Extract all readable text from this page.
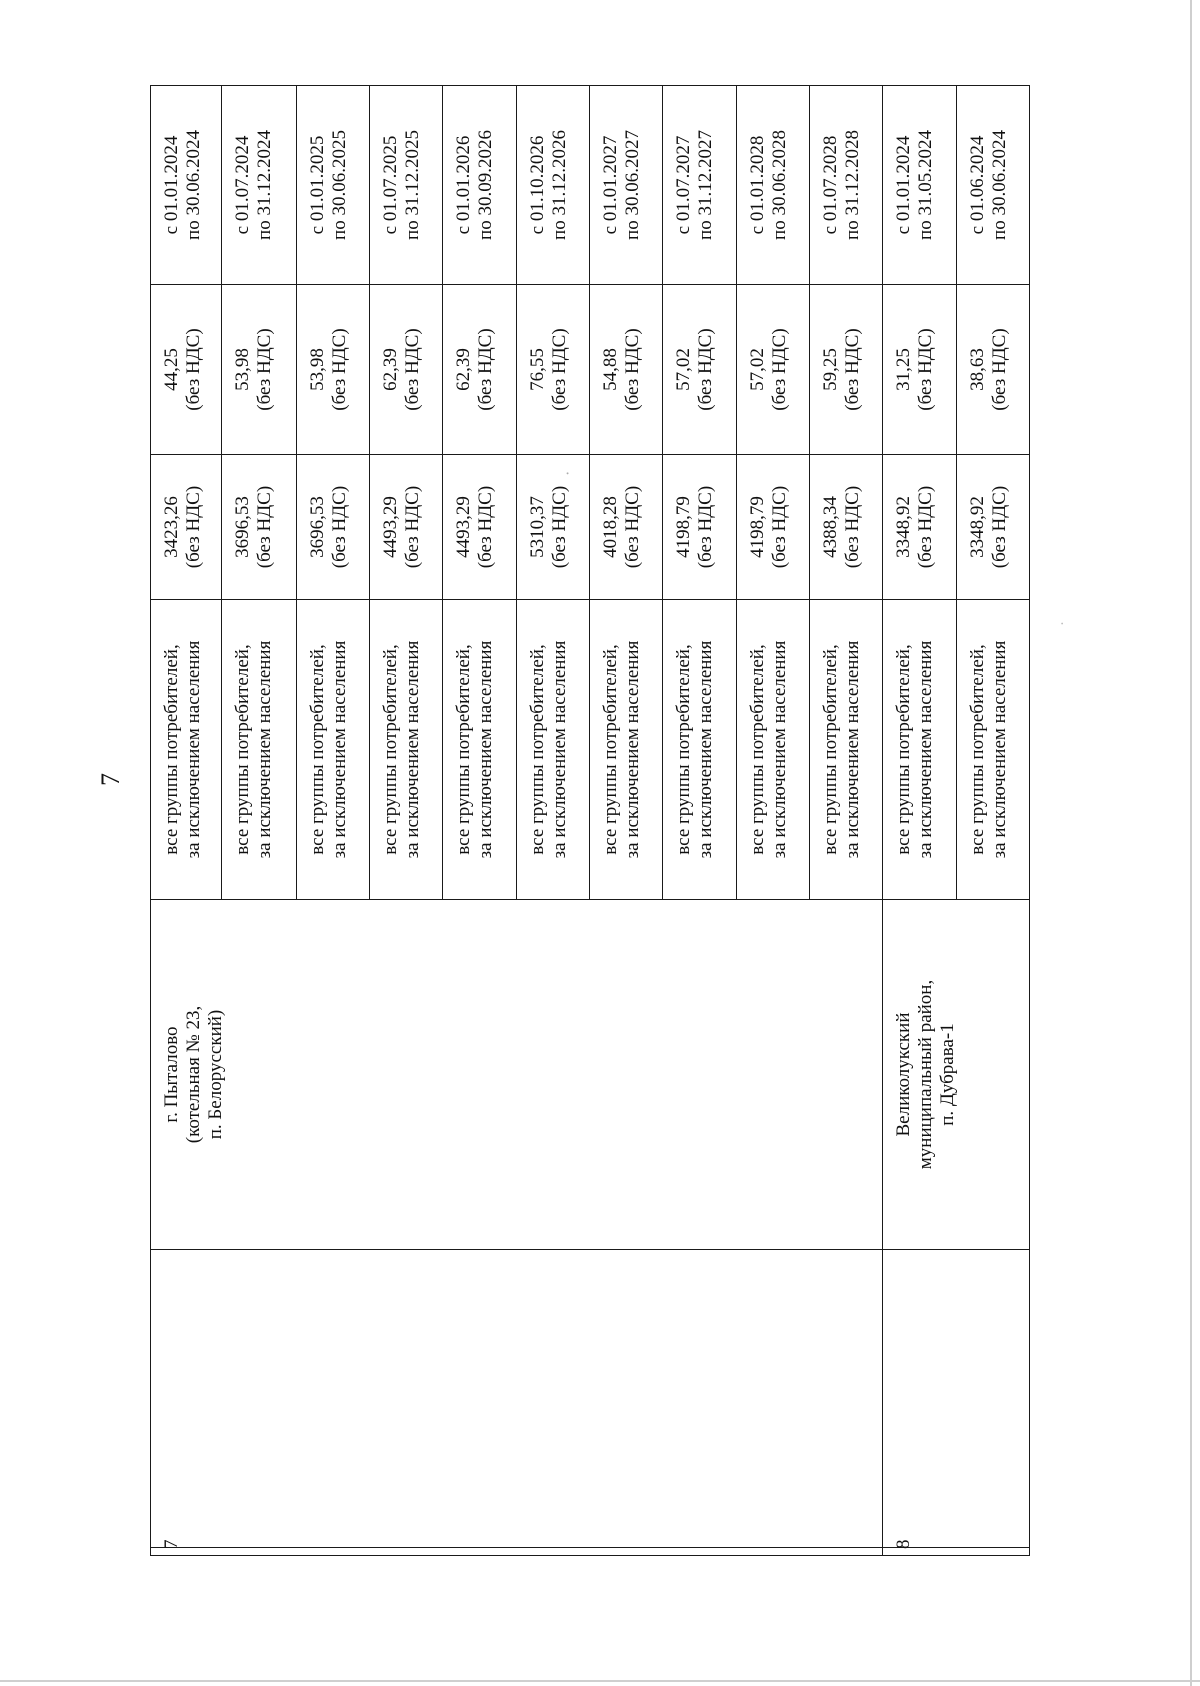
7
7		г. Пыталово (котельная № 23, п. Белорусский)	все группы потребителей, за исключением населения	3423,26 (без НДС)	44,25 (без НДС)	с 01.01.2024 по 30.06.2024

			все группы потребителей, за исключением населения	3696,53 (без НДС)	53,98 (без НДС)	с 01.07.2024 по 31.12.2024

			все группы потребителей, за исключением населения	3696,53 (без НДС)	53,98 (без НДС)	с 01.01.2025 по 30.06.2025

			все группы потребителей, за исключением населения	4493,29 (без НДС)	62,39 (без НДС)	с 01.07.2025 по 31.12.2025

			все группы потребителей, за исключением населения	4493,29 (без НДС)	62,39 (без НДС)	с 01.01.2026 по 30.09.2026

			все группы потребителей, за исключением населения	5310,37 (без НДС)	76,55 (без НДС)	с 01.10.2026 по 31.12.2026

			все группы потребителей, за исключением населения	4018,28 (без НДС)	54,88 (без НДС)	с 01.01.2027 по 30.06.2027

			все группы потребителей, за исключением населения	4198,79 (без НДС)	57,02 (без НДС)	с 01.07.2027 по 31.12.2027

			все группы потребителей, за исключением населения	4198,79 (без НДС)	57,02 (без НДС)	с 01.01.2028 по 30.06.2028

			все группы потребителей, за исключением населения	4388,34 (без НДС)	59,25 (без НДС)	с 01.07.2028 по 31.12.2028

8		Великолукский муниципальный район, п. Дубрава-1	все группы потребителей, за исключением населения	3348,92 (без НДС)	31,25 (без НДС)	с 01.01.2024 по 31.05.2024

			все группы потребителей, за исключением населения	3348,92 (без НДС)	38,63 (без НДС)	с 01.06.2024 по 30.06.2024
·
·
